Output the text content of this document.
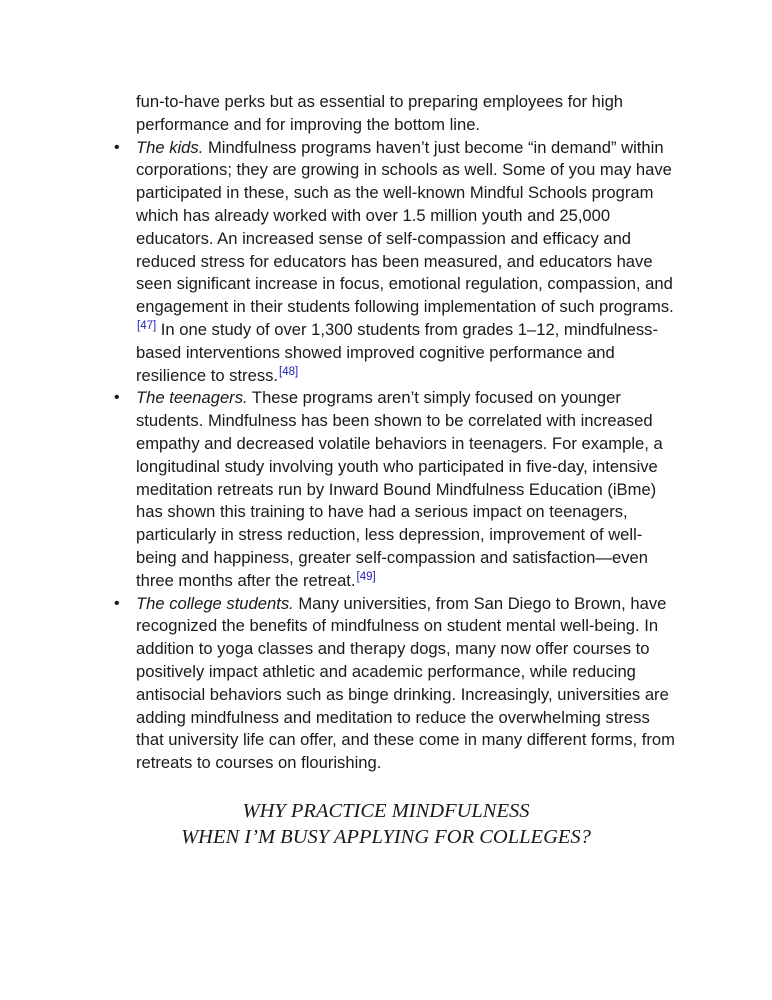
fun-to-have perks but as essential to preparing employees for high performance and for improving the bottom line.

• The kids. Mindfulness programs haven’t just become “in demand” within corporations; they are growing in schools as well. Some of you may have participated in these, such as the well-known Mindful Schools program which has already worked with over 1.5 million youth and 25,000 educators. An increased sense of self-compassion and efficacy and reduced stress for educators has been measured, and educators have seen significant increase in focus, emotional regulation, compassion, and engagement in their students following implementation of such programs.[47] In one study of over 1,300 students from grades 1–12, mindfulness-based interventions showed improved cognitive performance and resilience to stress.[48]
• The teenagers. These programs aren’t simply focused on younger students. Mindfulness has been shown to be correlated with increased empathy and decreased volatile behaviors in teenagers. For example, a longitudinal study involving youth who participated in five-day, intensive meditation retreats run by Inward Bound Mindfulness Education (iBme) has shown this training to have had a serious impact on teenagers, particularly in stress reduction, less depression, improvement of well-being and happiness, greater self-compassion and satisfaction—even three months after the retreat.[49]
• The college students. Many universities, from San Diego to Brown, have recognized the benefits of mindfulness on student mental well-being. In addition to yoga classes and therapy dogs, many now offer courses to positively impact athletic and academic performance, while reducing antisocial behaviors such as binge drinking. Increasingly, universities are adding mindfulness and meditation to reduce the overwhelming stress that university life can offer, and these come in many different forms, from retreats to courses on flourishing.
WHY PRACTICE MINDFULNESS
WHEN I’M BUSY APPLYING FOR COLLEGES?
